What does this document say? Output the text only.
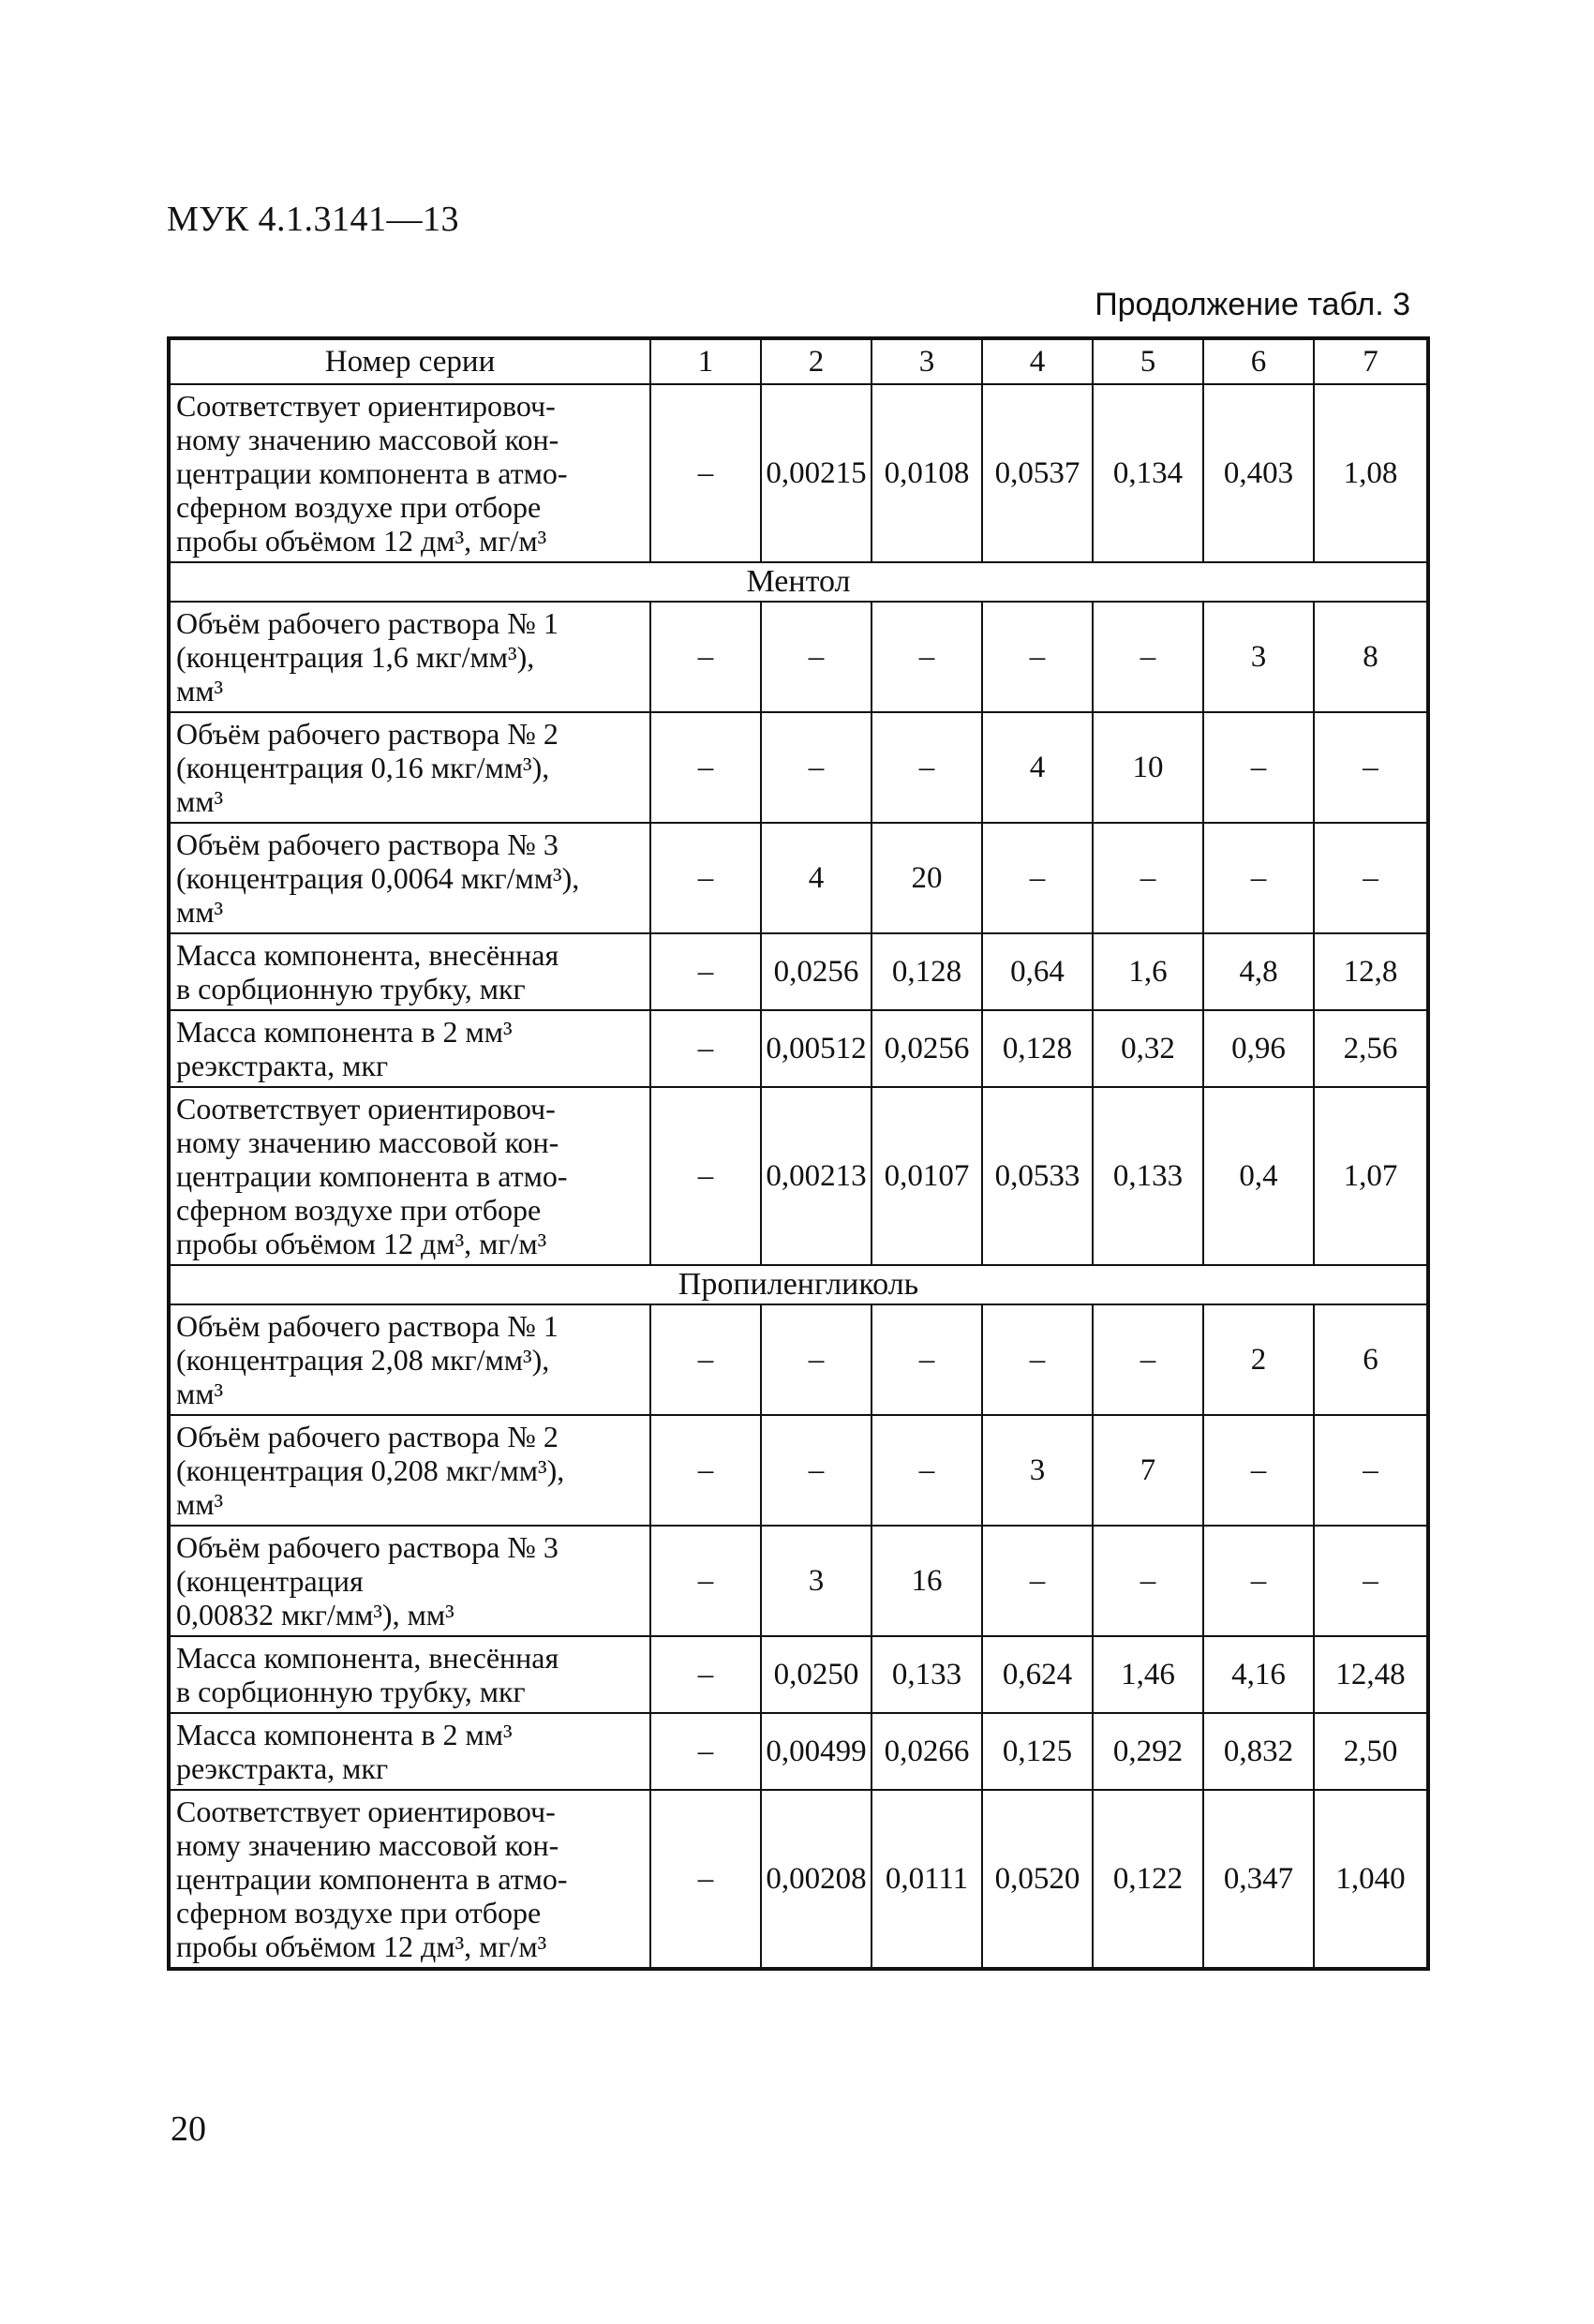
МУК 4.1.3141—13
Продолжение табл. 3
Номер серии	1	2	3	4	5	6	7
Соответствует ориентировоч-
ному значению массовой кон-
центрации компонента в атмо-
сферном воздухе при отборе
пробы объёмом 12 дм³, мг/м³	–	0,00215	0,0108	0,0537	0,134	0,403	1,08
Ментол							
Объём рабочего раствора № 1
(концентрация 1,6 мкг/мм³),
мм³	–	–	–	–	–	3	8
Объём рабочего раствора № 2
(концентрация 0,16 мкг/мм³),
мм³	–	–	–	4	10	–	–
Объём рабочего раствора № 3
(концентрация 0,0064 мкг/мм³),
мм³	–	4	20	–	–	–	–
Масса компонента, внесённая
в сорбционную трубку, мкг	–	0,0256	0,128	0,64	1,6	4,8	12,8
Масса компонента в 2 мм³
реэкстракта, мкг	–	0,00512	0,0256	0,128	0,32	0,96	2,56
Соответствует ориентировоч-
ному значению массовой кон-
центрации компонента в атмо-
сферном воздухе при отборе
пробы объёмом 12 дм³, мг/м³	–	0,00213	0,0107	0,0533	0,133	0,4	1,07
Пропиленгликоль							
Объём рабочего раствора № 1
(концентрация 2,08 мкг/мм³),
мм³	–	–	–	–	–	2	6
Объём рабочего раствора № 2
(концентрация 0,208 мкг/мм³),
мм³	–	–	–	3	7	–	–
Объём рабочего раствора № 3
(концентрация
0,00832 мкг/мм³), мм³	–	3	16	–	–	–	–
Масса компонента, внесённая
в сорбционную трубку, мкг	–	0,0250	0,133	0,624	1,46	4,16	12,48
Масса компонента в 2 мм³
реэкстракта, мкг	–	0,00499	0,0266	0,125	0,292	0,832	2,50
Соответствует ориентировоч-
ному значению массовой кон-
центрации компонента в атмо-
сферном воздухе при отборе
пробы объёмом 12 дм³, мг/м³	–	0,00208	0,0111	0,0520	0,122	0,347	1,040
20
